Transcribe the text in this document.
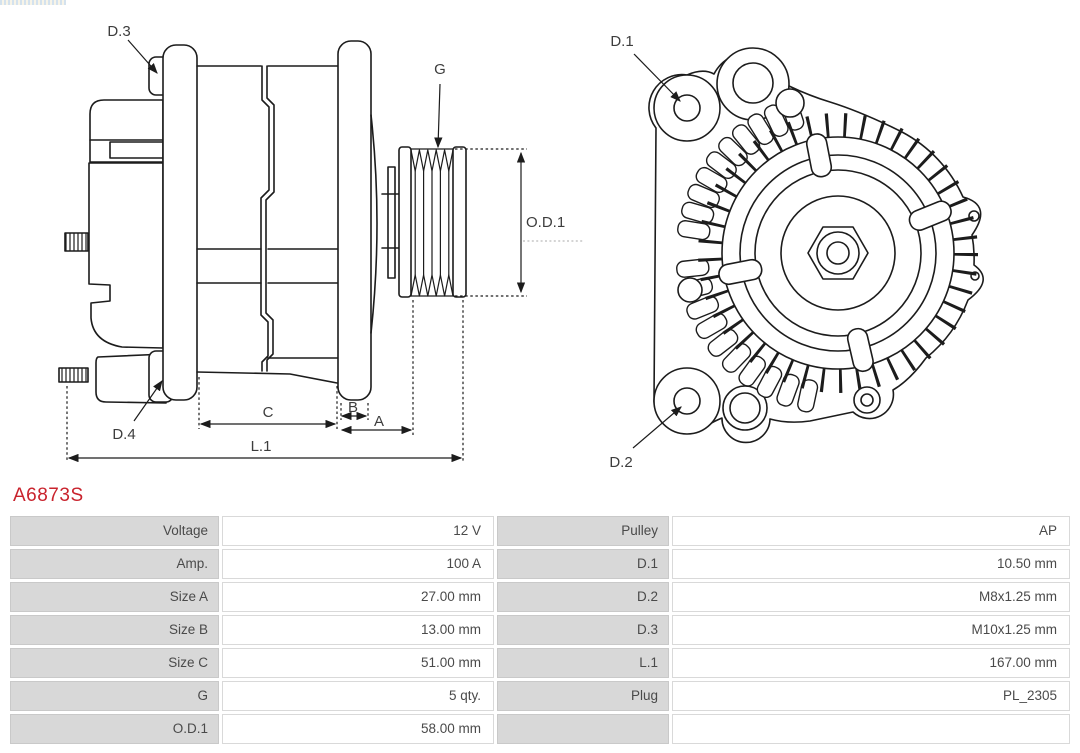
D.3
D.4
G
O.D.1
C	B
A
L.1
D.1
D.2
A6873S
Voltage	12 V	Pulley	AP
Amp.	100 A	D.1	10.50 mm
Size A	27.00 mm	D.2	M8x1.25 mm
Size B	13.00 mm	D.3	M10x1.25 mm
Size C	51.00 mm	L.1	167.00 mm
G	5 qty.	Plug	PL_2305
O.D.1	58.00 mm
